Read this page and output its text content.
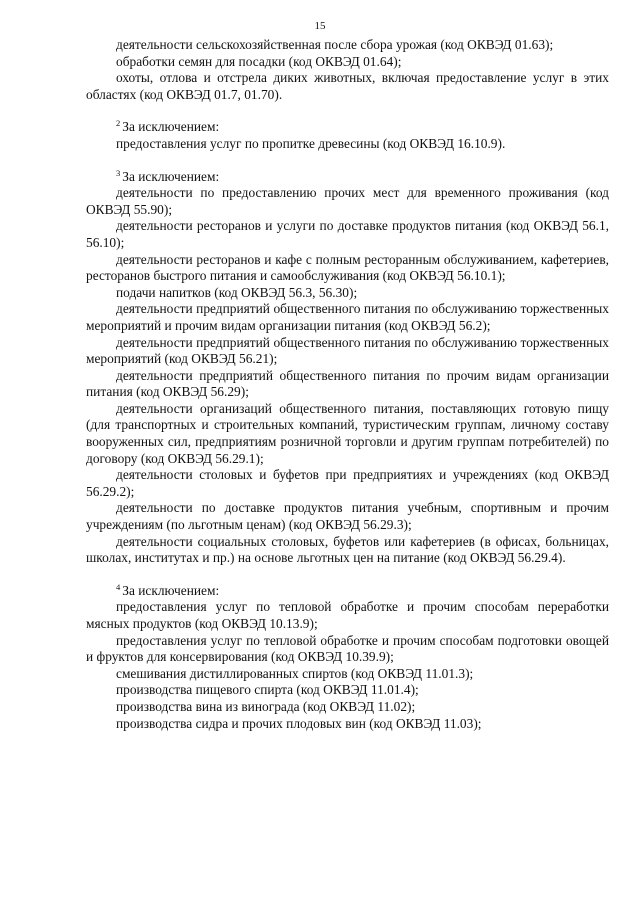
15

деятельности сельскохозяйственная после сбора урожая (код ОКВЭД 01.63);

обработки семян для посадки (код ОКВЭД 01.64);

охоты, отлова и отстрела диких животных, включая предоставление услуг в этих областях (код ОКВЭД 01.7, 01.70).

$^2$ За исключением:

предоставления услуг по пропитке древесины (код ОКВЭД 16.10.9).

$^3$ За исключением:

деятельности по предоставлению прочих мест для временного проживания (код ОКВЭД 55.90);

деятельности ресторанов и услуги по доставке продуктов питания (код ОКВЭД 56.1, 56.10);

деятельности ресторанов и кафе с полным ресторанным обслуживанием, кафетериев, ресторанов быстрого питания и самообслуживания (код ОКВЭД 56.10.1);

подачи напитков (код ОКВЭД 56.3, 56.30);

деятельности предприятий общественного питания по обслуживанию торжественных мероприятий и прочим видам организации питания (код ОКВЭД 56.2);

деятельности предприятий общественного питания по обслуживанию торжественных мероприятий (код ОКВЭД 56.21);

деятельности предприятий общественного питания по прочим видам организации питания (код ОКВЭД 56.29);

деятельности организаций общественного питания, поставляющих готовую пищу (для транспортных и строительных компаний, туристическим группам, личному составу вооруженных сил, предприятиям розничной торговли и другим группам потребителей) по договору (код ОКВЭД 56.29.1);

деятельности столовых и буфетов при предприятиях и учреждениях (код ОКВЭД 56.29.2);

деятельности по доставке продуктов питания учебным, спортивным и прочим учреждениям (по льготным ценам) (код ОКВЭД 56.29.3);

деятельности социальных столовых, буфетов или кафетериев (в офисах, больницах, школах, институтах и пр.) на основе льготных цен на питание (код ОКВЭД 56.29.4).

$^4$ За исключением:

предоставления услуг по тепловой обработке и прочим способам переработки мясных продуктов (код ОКВЭД 10.13.9);

предоставления услуг по тепловой обработке и прочим способам подготовки овощей и фруктов для консервирования (код ОКВЭД 10.39.9);

смешивания дистиллированных спиртов (код ОКВЭД 11.01.3);

производства пищевого спирта (код ОКВЭД 11.01.4);

производства вина из винограда (код ОКВЭД 11.02);

производства сидра и прочих плодовых вин (код ОКВЭД 11.03);
